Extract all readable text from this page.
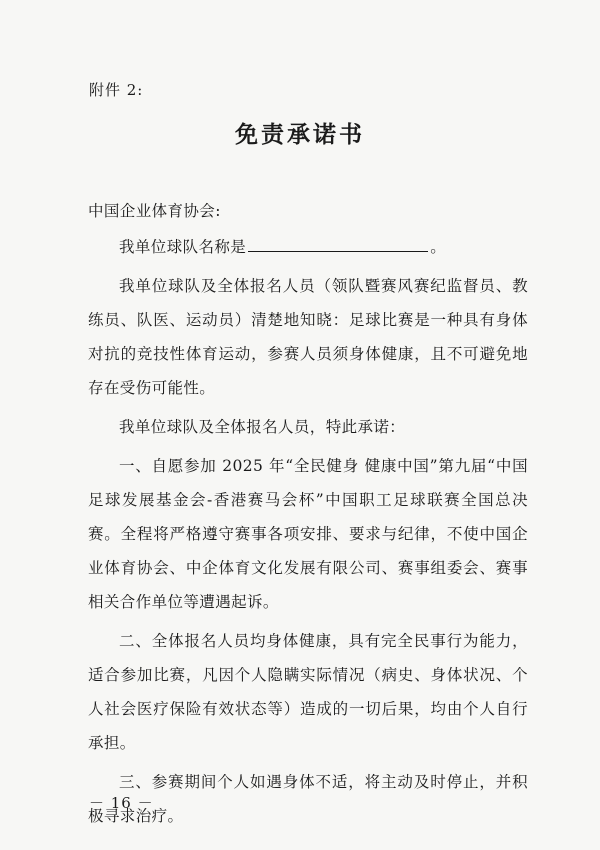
附件 2:
免责承诺书

中国企业体育协会:

我单位球队名称是	。

我单位球队及全体报名人员（领队暨赛风赛纪监督员、教练员、队医、运动员）清楚地知晓：足球比赛是一种具有身体对抗的竞技性体育运动，参赛人员须身体健康，且不可避免地存在受伤可能性。

我单位球队及全体报名人员，特此承诺：

一、自愿参加 2025 年“全民健身 健康中国”第九届“中国足球发展基金会-香港赛马会杯”中国职工足球联赛全国总决赛。全程将严格遵守赛事各项安排、要求与纪律，不使中国企业体育协会、中企体育文化发展有限公司、赛事组委会、赛事相关合作单位等遭遇起诉。

二、全体报名人员均身体健康，具有完全民事行为能力，适合参加比赛，凡因个人隐瞒实际情况（病史、身体状况、个人社会医疗保险有效状态等）造成的一切后果，均由个人自行承担。

三、参赛期间个人如遇身体不适，将主动及时停止，并积极寻求治疗。

－ 16 －
